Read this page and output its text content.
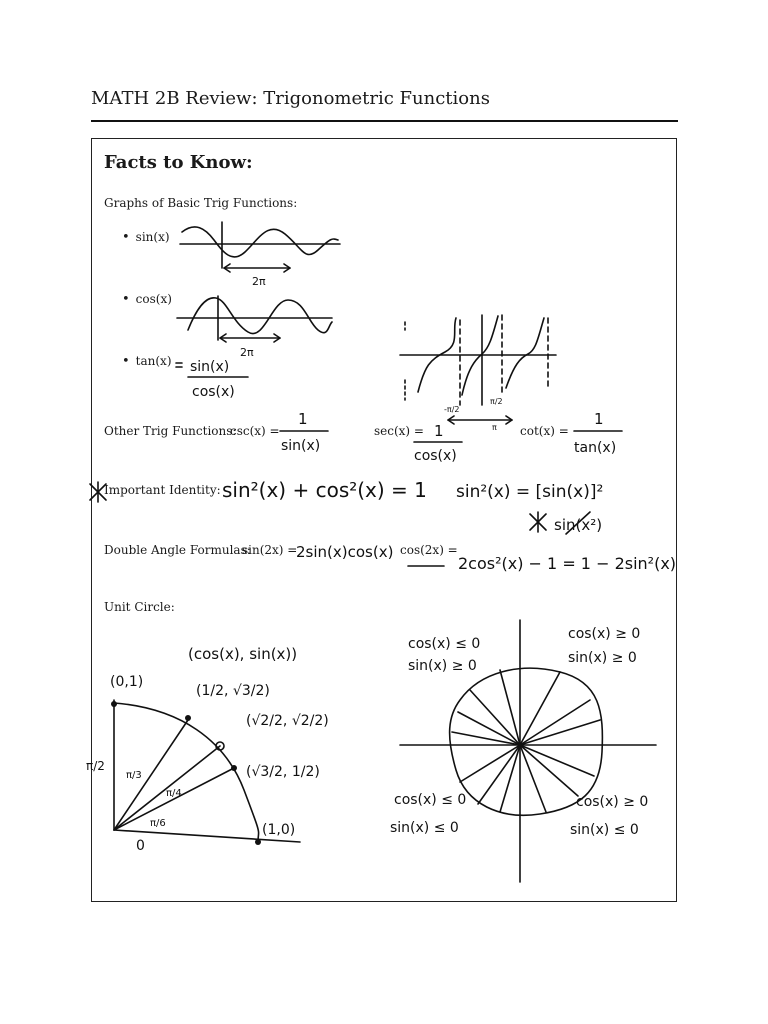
MATH 2B Review: Trigonometric Functions
Facts to Know:
Graphs of Basic Trig Functions:
• sin(x)
• cos(x)
• tan(x)
Other Trig Functions:
csc(x) =	sec(x) =	cot(x) =
Important Identity:
Double Angle Formulas:
sin(2x) =	cos(2x) =
Unit Circle:
2π
2π
sin(x)
cos(x)
-π/2
π/2
π
1
sin(x)
1
cos(x)
1
tan(x)
sin²(x) + cos²(x) = 1 sin²(x) = [sin(x)]²
sin(x²)
2sin(x)cos(x)
2cos²(x) − 1 = 1 − 2sin²(x)
(cos(x), sin(x))
(0,1)
(1,0)
0
π/2
(1/2, √3/2)
(√2/2, √2/2)
(√3/2, 1/2)
π/3
π/4
π/6
cos(x) ≤ 0
sin(x) ≥ 0
cos(x) ≥ 0
sin(x) ≥ 0
cos(x) ≤ 0
sin(x) ≤ 0
cos(x) ≥ 0
sin(x) ≤ 0
